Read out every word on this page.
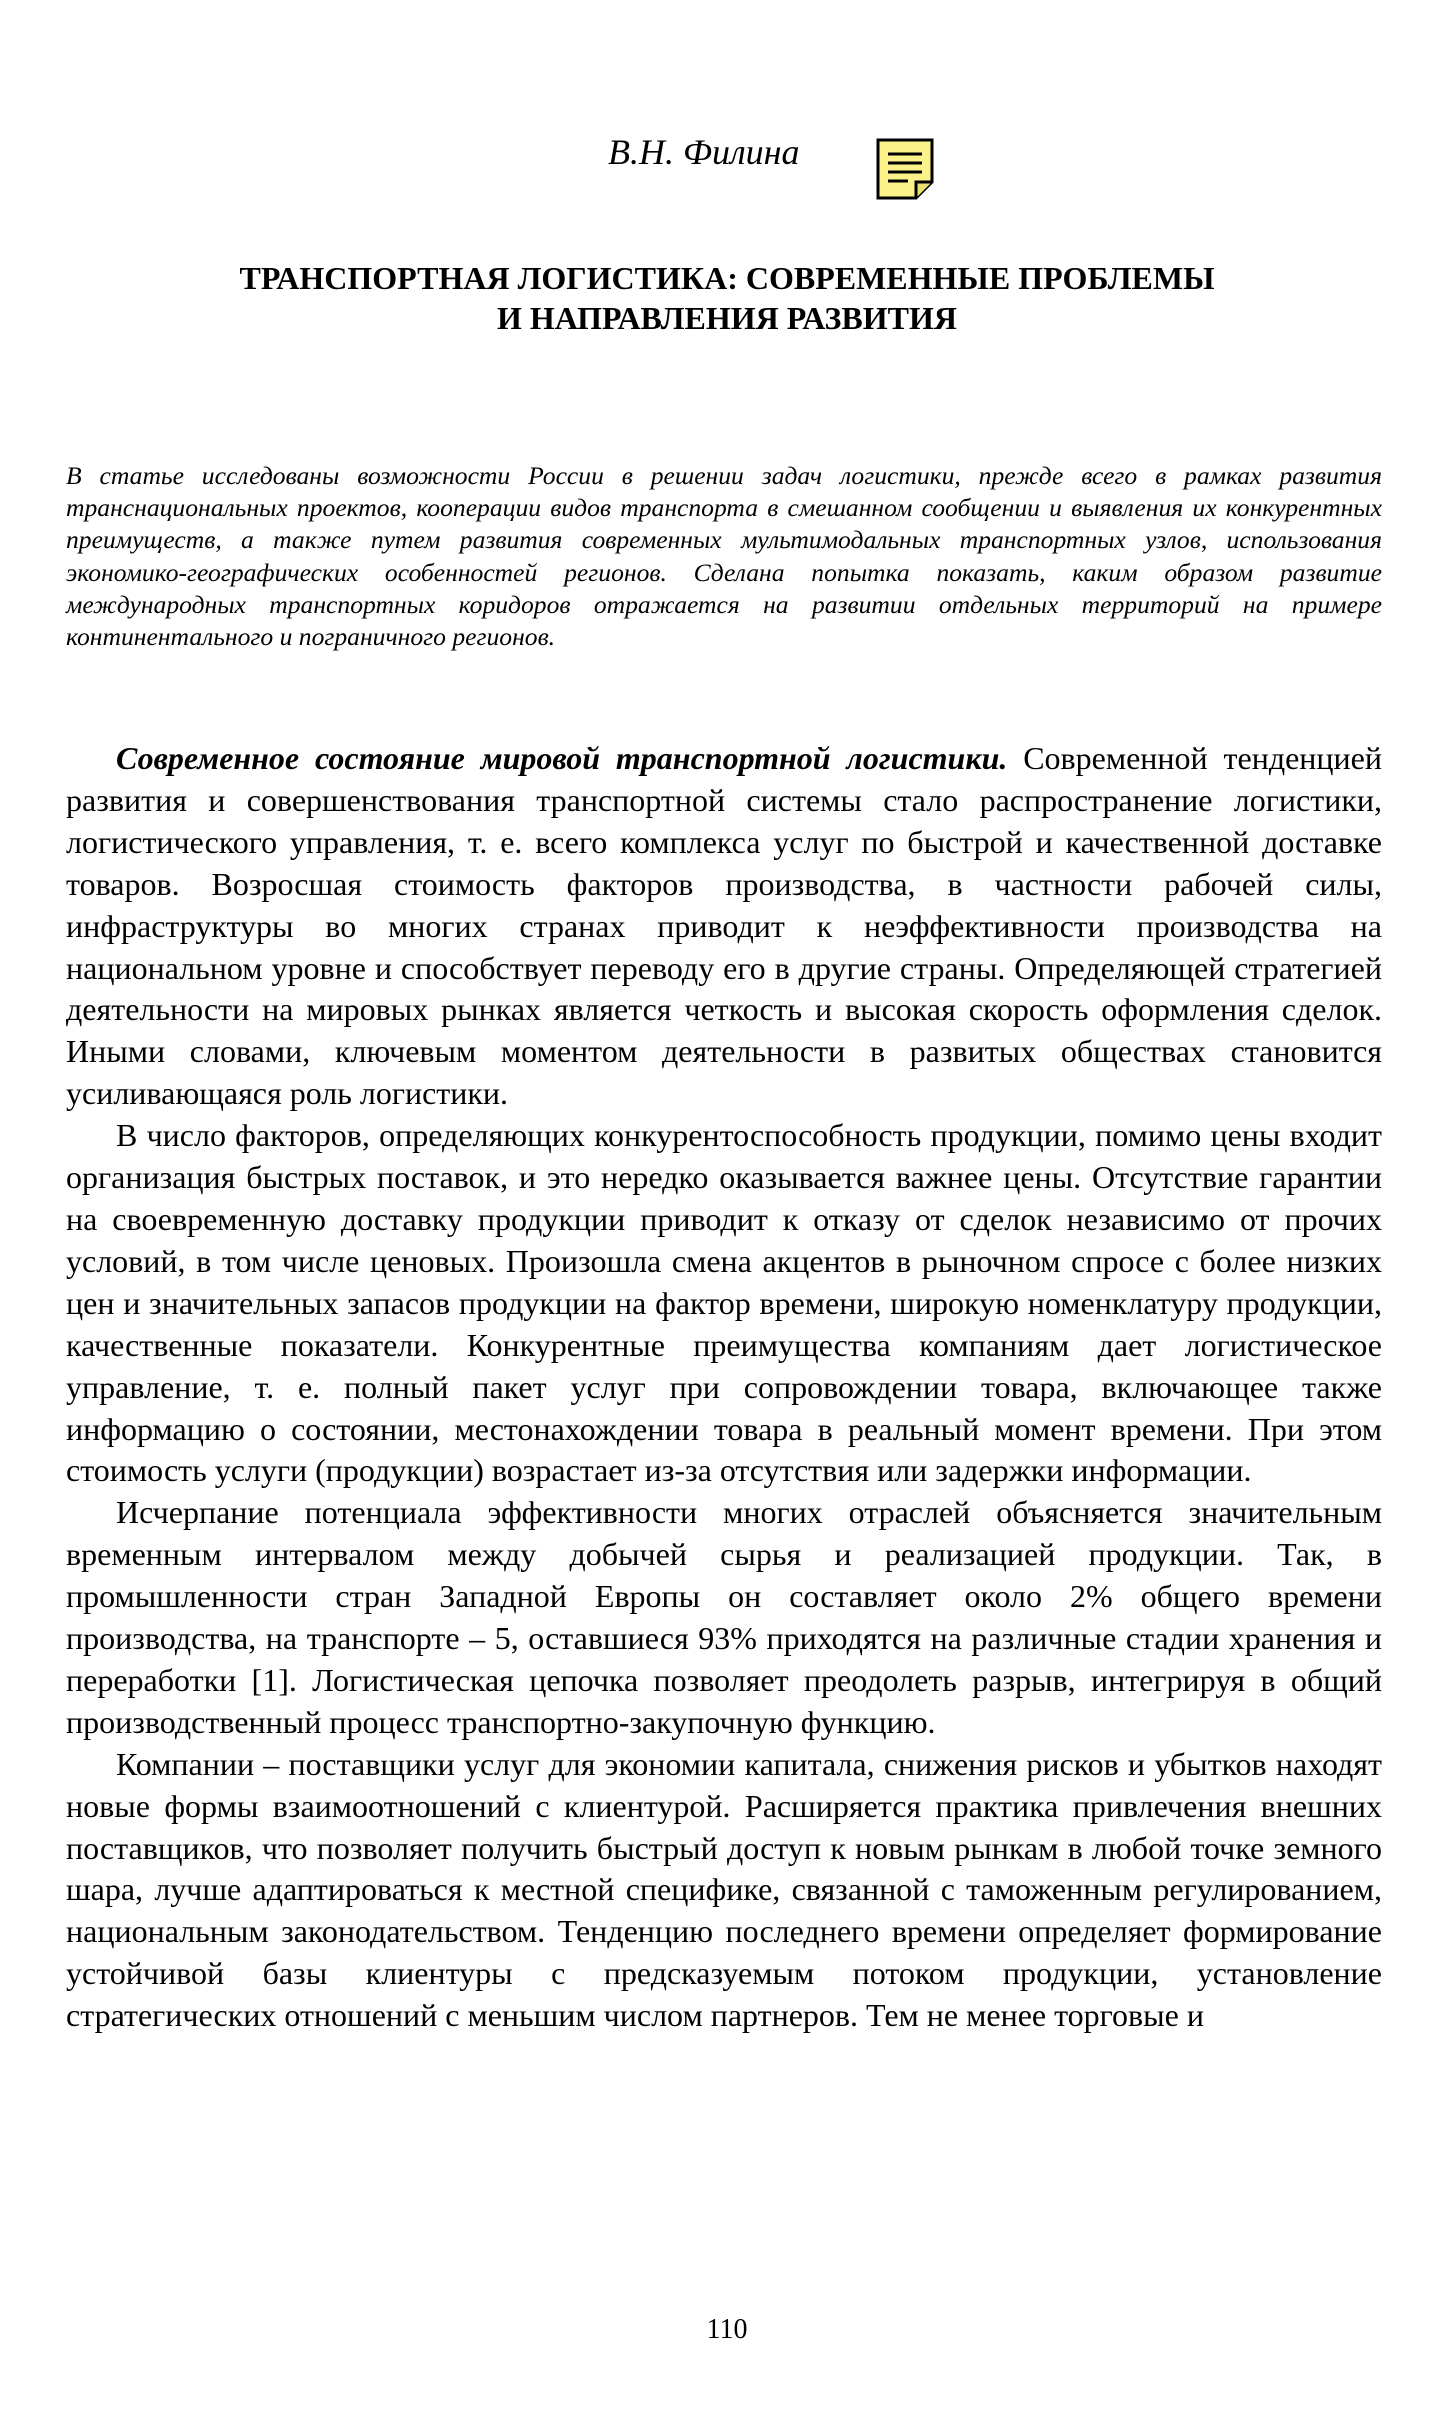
В.Н. Филина
ТРАНСПОРТНАЯ ЛОГИСТИКА: СОВРЕМЕННЫЕ ПРОБЛЕМЫ
И НАПРАВЛЕНИЯ РАЗВИТИЯ

В статье исследованы возможности России в решении задач логистики, прежде всего в рамках развития транснациональных проектов, кооперации видов транспорта в смешанном сообщении и выявления их конкурентных преимуществ, а также путем развития современных мультимодальных транспортных узлов, использования экономико-географических особенностей регионов. Сделана попытка показать, каким образом развитие международных транспортных коридоров отражается на развитии отдельных территорий на примере континентального и пограничного регионов.

Современное состояние мировой транспортной логистики. Современной тенденцией развития и совершенствования транспортной системы стало распространение логистики, логистического управления, т. е. всего комплекса услуг по быстрой и качественной доставке товаров. Возросшая стоимость факторов производства, в частности рабочей силы, инфраструктуры во многих странах приводит к неэффективности производства на национальном уровне и способствует переводу его в другие страны. Определяющей стратегией деятельности на мировых рынках является четкость и высокая скорость оформления сделок. Иными словами, ключевым моментом деятельности в развитых обществах становится усиливающаяся роль логистики.

В число факторов, определяющих конкурентоспособность продукции, помимо цены входит организация быстрых поставок, и это нередко оказывается важнее цены. Отсутствие гарантии на своевременную доставку продукции приводит к отказу от сделок независимо от прочих условий, в том числе ценовых. Произошла смена акцентов в рыночном спросе с более низких цен и значительных запасов продукции на фактор времени, широкую номенклатуру продукции, качественные показатели. Конкурентные преимущества компаниям дает логистическое управление, т. е. полный пакет услуг при сопровождении товара, включающее также информацию о состоянии, местонахождении товара в реальный момент времени. При этом стоимость услуги (продукции) возрастает из-за отсутствия или задержки информации.

Исчерпание потенциала эффективности многих отраслей объясняется значительным временным интервалом между добычей сырья и реализацией продукции. Так, в промышленности стран Западной Европы он составляет около 2% общего времени производства, на транспорте – 5, оставшиеся 93% приходятся на различные стадии хранения и переработки [1]. Логистическая цепочка позволяет преодолеть разрыв, интегрируя в общий производственный процесс транспортно-закупочную функцию.

Компании – поставщики услуг для экономии капитала, снижения рисков и убытков находят новые формы взаимоотношений с клиентурой. Расширяется практика привлечения внешних поставщиков, что позволяет получить быстрый доступ к новым рынкам в любой точке земного шара, лучше адаптироваться к местной специфике, связанной с таможенным регулированием, национальным законодательством. Тенденцию последнего времени определяет формирование устойчивой базы клиентуры с предсказуемым потоком продукции, установление стратегических отношений с меньшим числом партнеров. Тем не менее торговые и

110
